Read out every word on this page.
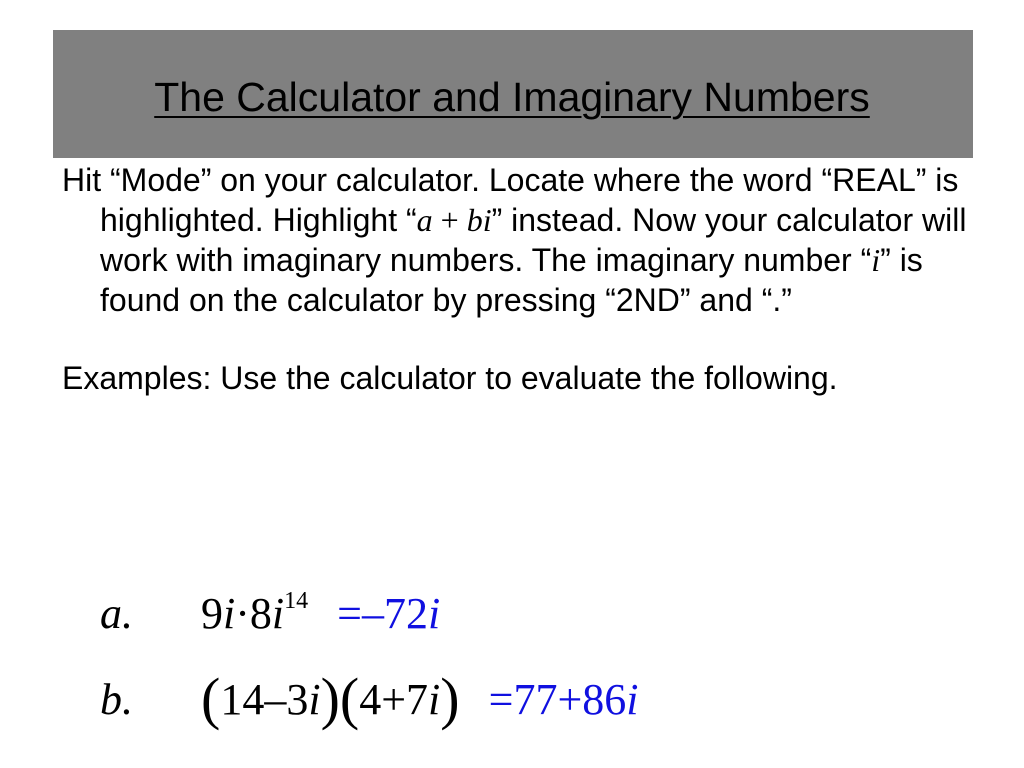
The Calculator and Imaginary Numbers

Hit “Mode” on your calculator. Locate where the word “REAL” is highlighted. Highlight “a + bi” instead. Now your calculator will work with imaginary numbers. The imaginary number “i” is found on the calculator by pressing “2ND” and “.”

Examples: Use the calculator to evaluate the following.

a. $9i\cdot 8i^{14} =-72i$
b. (14–3i)(4+7i) =77+86i
